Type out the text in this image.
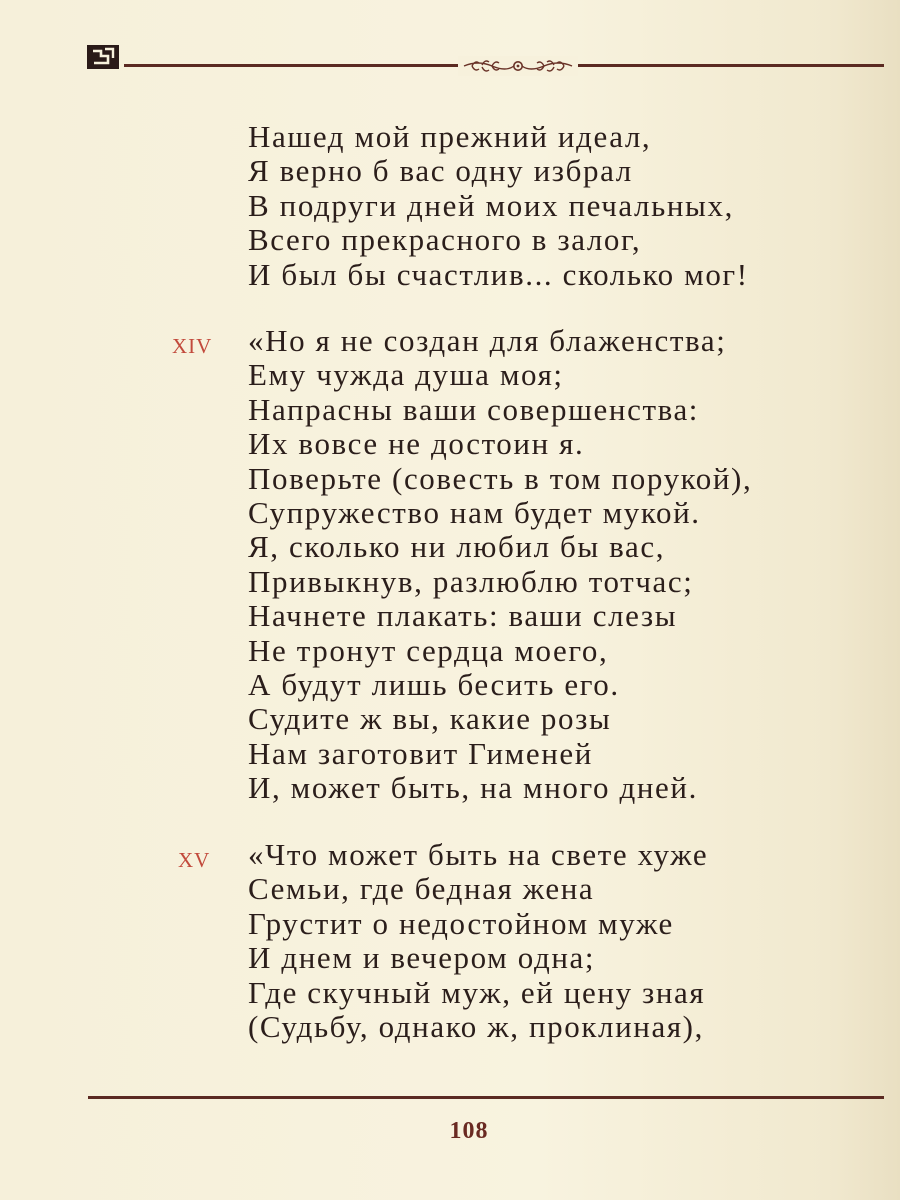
Нашед мой прежний идеал,
Я верно б вас одну избрал
В подруги дней моих печальных,
Всего прекрасного в залог,
И был бы счастлив... сколько мог!
XIV «Но я не создан для блаженства;
Ему чужда душа моя;
Напрасны ваши совершенства:
Их вовсе не достоин я.
Поверьте (совесть в том порукой),
Супружество нам будет мукой.
Я, сколько ни любил бы вас,
Привыкнув, разлюблю тотчас;
Начнете плакать: ваши слезы
Не тронут сердца моего,
А будут лишь бесить его.
Судите ж вы, какие розы
Нам заготовит Гименей
И, может быть, на много дней.
XV «Что может быть на свете хуже
Семьи, где бедная жена
Грустит о недостойном муже
И днем и вечером одна;
Где скучный муж, ей цену зная
(Судьбу, однако ж, проклиная),
108
